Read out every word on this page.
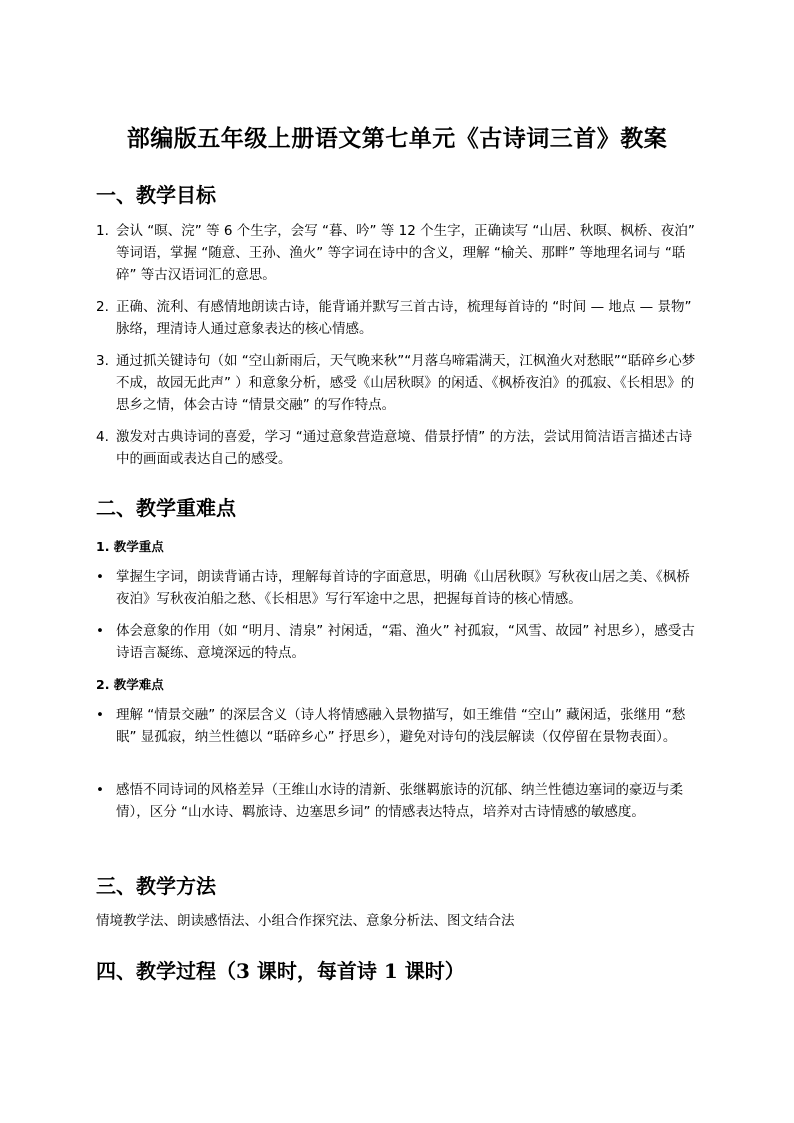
部编版五年级上册语文第七单元《古诗词三首》教案
一、教学目标
1. 会认 “暝、浣” 等 6 个生字，会写 “暮、吟” 等 12 个生字，正确读写 “山居、秋暝、枫桥、夜泊” 等词语，掌握 “随意、王孙、渔火” 等字词在诗中的含义，理解 “榆关、那畔” 等地理名词与 “聒碎” 等古汉语词汇的意思。
2. 正确、流利、有感情地朗读古诗，能背诵并默写三首古诗，梳理每首诗的 “时间 — 地点 — 景物” 脉络，理清诗人通过意象表达的核心情感。
3. 通过抓关键诗句（如 “空山新雨后，天气晚来秋”“月落乌啼霜满天，江枫渔火对愁眠”“聒碎乡心梦不成，故园无此声” ）和意象分析，感受《山居秋暝》的闲适、《枫桥夜泊》的孤寂、《长相思》的思乡之情，体会古诗 “情景交融” 的写作特点。
4. 激发对古典诗词的喜爱，学习 “通过意象营造意境、借景抒情” 的方法，尝试用简洁语言描述古诗中的画面或表达自己的感受。
二、教学重难点
1. 教学重点
• 掌握生字词，朗读背诵古诗，理解每首诗的字面意思，明确《山居秋暝》写秋夜山居之美、《枫桥夜泊》写秋夜泊船之愁、《长相思》写行军途中之思，把握每首诗的核心情感。
• 体会意象的作用（如 “明月、清泉” 衬闲适，“霜、渔火” 衬孤寂，“风雪、故园” 衬思乡），感受古诗语言凝练、意境深远的特点。
2. 教学难点
• 理解 “情景交融” 的深层含义（诗人将情感融入景物描写，如王维借 “空山” 藏闲适，张继用 “愁眠” 显孤寂，纳兰性德以 “聒碎乡心” 抒思乡），避免对诗句的浅层解读（仅停留在景物表面）。
• 感悟不同诗词的风格差异（王维山水诗的清新、张继羁旅诗的沉郁、纳兰性德边塞词的豪迈与柔情），区分 “山水诗、羁旅诗、边塞思乡词” 的情感表达特点，培养对古诗情感的敏感度。
三、教学方法
情境教学法、朗读感悟法、小组合作探究法、意象分析法、图文结合法
四、教学过程（3 课时，每首诗 1 课时）
